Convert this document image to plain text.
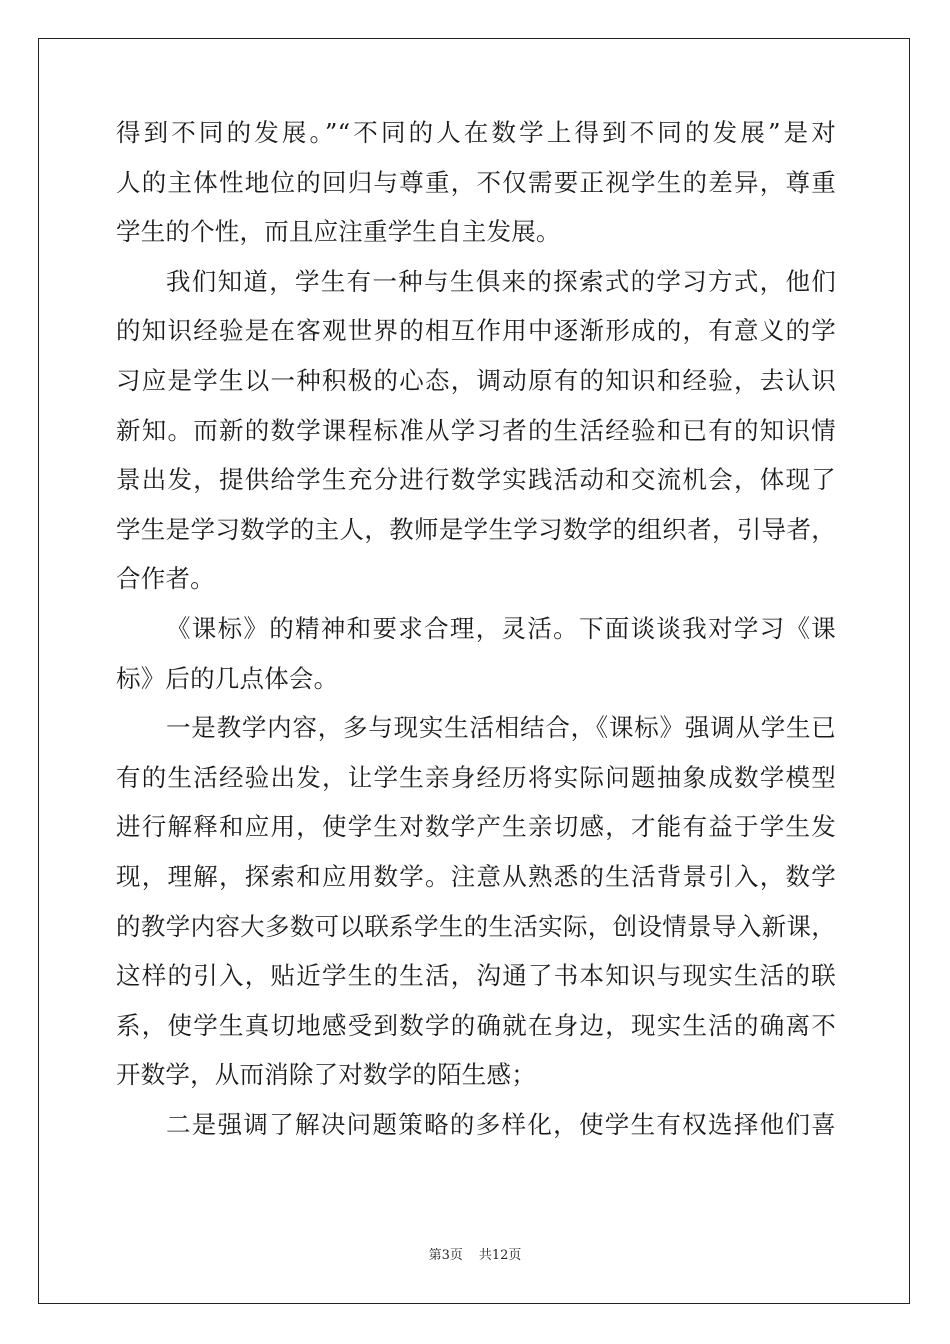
得到不同的发展。”“不同的人在数学上得到不同的发展”是对
人的主体性地位的回归与尊重，不仅需要正视学生的差异，尊重
学生的个性，而且应注重学生自主发展。
我们知道，学生有一种与生俱来的探索式的学习方式，他们
的知识经验是在客观世界的相互作用中逐渐形成的，有意义的学
习应是学生以一种积极的心态，调动原有的知识和经验，去认识
新知。而新的数学课程标准从学习者的生活经验和已有的知识情
景出发，提供给学生充分进行数学实践活动和交流机会，体现了
学生是学习数学的主人，教师是学生学习数学的组织者，引导者，
合作者。
《课标》的精神和要求合理，灵活。下面谈谈我对学习《课
标》后的几点体会。
一是教学内容，多与现实生活相结合，《课标》强调从学生已
有的生活经验出发，让学生亲身经历将实际问题抽象成数学模型
进行解释和应用，使学生对数学产生亲切感，才能有益于学生发
现，理解，探索和应用数学。注意从熟悉的生活背景引入，数学
的教学内容大多数可以联系学生的生活实际，创设情景导入新课，
这样的引入，贴近学生的生活，沟通了书本知识与现实生活的联
系，使学生真切地感受到数学的确就在身边，现实生活的确离不
开数学，从而消除了对数学的陌生感；
二是强调了解决问题策略的多样化，使学生有权选择他们喜
第3页 共12页
